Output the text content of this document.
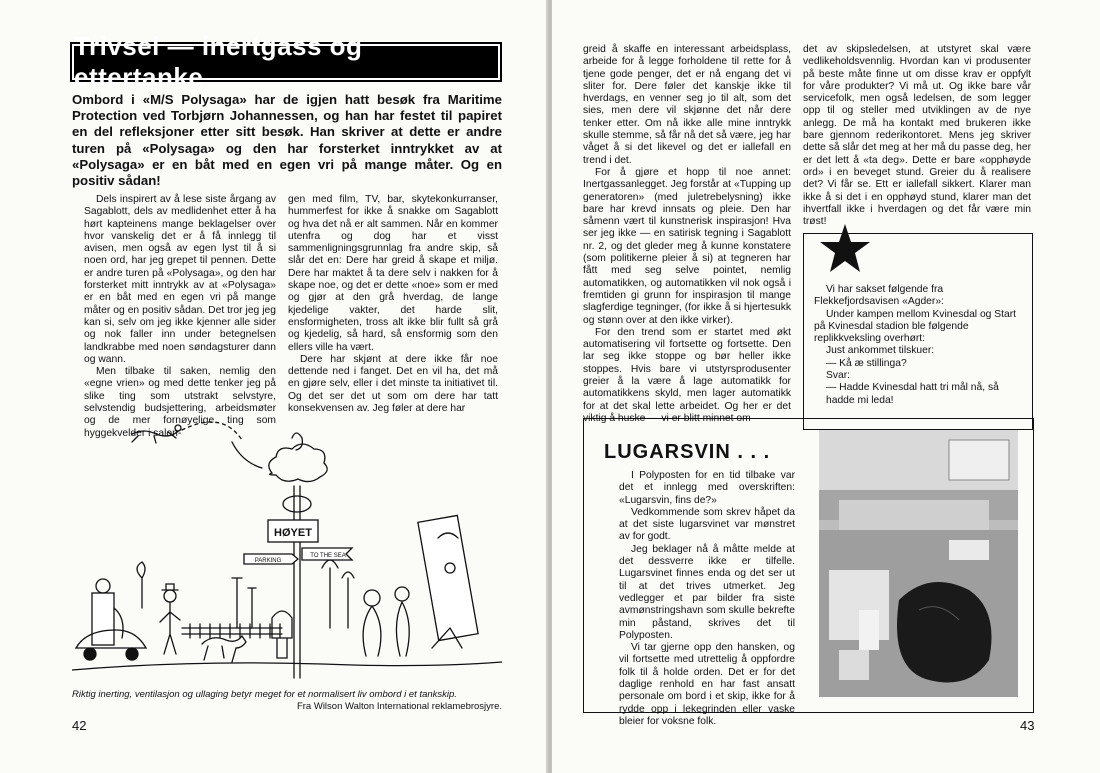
Trivsel — inertgass og ettertanke
Ombord i «M/S Polysaga» har de igjen hatt besøk fra Maritime Protection ved Torbjørn Johannessen, og han har festet til papiret en del refleksjoner etter sitt besøk. Han skriver at dette er andre turen på «Polysaga» og den har forsterket inntrykket av at «Polysaga» er en båt med en egen vri på mange måter. Og en positiv sådan!

Dels inspirert av å lese siste årgang av Sagablott, dels av medlidenhet etter å ha hørt kapteinens mange beklagelser over hvor vanskelig det er å få innlegg til avisen, men også av egen lyst til å si noen ord, har jeg grepet til pennen. Dette er andre turen på «Polysaga», og den har forsterket mitt inntrykk av at «Polysaga» er en båt med en egen vri på mange måter og en positiv sådan. Det tror jeg jeg kan si, selv om jeg ikke kjenner alle sider og nok faller inn under betegnelsen landkrabbe med noen søndagsturer dann og wann.

Men tilbake til saken, nemlig den «egne vrien» og med dette tenker jeg på slike ting som utstrakt selvstyre, selvstendig budsjettering, arbeidsmøter og de mer fornøyelige ting som hyggekvelder i salon-

gen med film, TV, bar, skytekonkurranser, hummerfest for ikke å snakke om Sagablott og hva det nå er alt sammen. Når en kommer utenfra og dog har et visst sammenligningsgrunnlag fra andre skip, så slår det en: Dere har greid å skape et miljø. Dere har maktet å ta dere selv i nakken for å skape noe, og det er dette «noe» som er med og gjør at den grå hverdag, de lange kjedelige vakter, det harde slit, ensformigheten, tross alt ikke blir fullt så grå og kjedelig, så hard, så ensformig som den ellers ville ha vært.

Dere har skjønt at dere ikke får noe dettende ned i fanget. Det en vil ha, det må en gjøre selv, eller i det minste ta initiativet til. Og det ser det ut som om dere har tatt konsekvensen av. Jeg føler at dere har

HØYET
PARKING
TO THE SEA
Riktig inerting, ventilasjon og ullaging betyr meget for et normalisert liv ombord i et tankskip.
Fra Wilson Walton International reklamebrosjyre.
42

greid å skaffe en interessant arbeidsplass, arbeide for å legge forholdene til rette for å tjene gode penger, det er nå engang det vi sliter for. Dere føler det kanskje ikke til hverdags, en venner seg jo til alt, som det sies, men dere vil skjønne det når dere tenker etter. Om nå ikke alle mine inntrykk skulle stemme, så får nå det så være, jeg har våget å si det likevel og det er iallefall en trend i det.

For å gjøre et hopp til noe annet: Inertgassanlegget. Jeg forstår at «Tupping up generatoren» (med juletrebelysning) ikke bare har krevd innsats og pleie. Den har såmenn vært til kunstnerisk inspirasjon! Hva ser jeg ikke — en satirisk tegning i Sagablott nr. 2, og det gleder meg å kunne konstatere (som politikerne pleier å si) at tegneren har fått med seg selve pointet, nemlig automatikken, og automatikken vil nok også i fremtiden gi grunn for inspirasjon til mange slagferdige tegninger, (for ikke å si hjertesukk og stønn over at den ikke virker).

For den trend som er startet med økt automatisering vil fortsette og fortsette. Den lar seg ikke stoppe og bør heller ikke stoppes. Hvis bare vi utstyrsprodusenter greier å la være å lage automatikk for automatikkens skyld, men lager automatikk for at det skal lette arbeidet. Og her er det viktig å huske — vi er blitt minnet om

det av skipsledelsen, at utstyret skal være vedlikeholdsvennlig. Hvordan kan vi produsenter på beste måte finne ut om disse krav er oppfylt for våre produkter? Vi må ut. Og ikke bare vår servicefolk, men også ledelsen, de som legger opp til og steller med utviklingen av de nye anlegg. De må ha kontakt med brukeren ikke bare gjennom rederikontoret. Mens jeg skriver dette så slår det meg at her må du passe deg, her er det lett å «ta deg». Dette er bare «opphøyde ord» i en beveget stund. Greier du å realisere det? Vi får se. Ett er iallefall sikkert. Klarer man ikke å si det i en opphøyd stund, klarer man det ihvertfall ikke i hverdagen og det får være min trøst!

LUGARSVIN . . .

I Polyposten for en tid tilbake var det et innlegg med overskriften: «Lugarsvin, fins de?»

Vedkommende som skrev håpet da at det siste lugarsvinet var mønstret av for godt.

Jeg beklager nå å måtte melde at det dessverre ikke er tilfelle. Lugarsvinet finnes enda og det ser ut til at det trives utmerket. Jeg vedlegger et par bilder fra siste avmønstringshavn som skulle bekrefte min påstand, skrives det til Polyposten.

Vi tar gjerne opp den hansken, og vil fortsette med utrettelig å oppfordre folk til å holde orden. Det er for det daglige renhold en har fast ansatt personale om bord i et skip, ikke for å rydde opp i lekegrinden eller vaske bleier for voksne folk.

Vi har sakset følgende fra Flekkefjordsavisen «Agder»:
Under kampen mellom Kvinesdal og Start på Kvinesdal stadion ble følgende replikkveksling overhørt:
Just ankommet tilskuer:
— Kå æ stillinga?
Svar:
— Hadde Kvinesdal hatt tri mål nå, så hadde mi leda!
43
